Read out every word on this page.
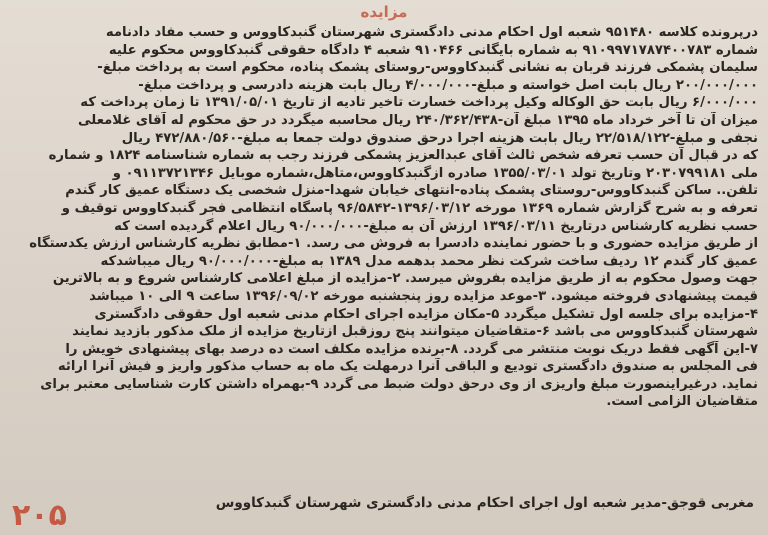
مزایده

درپرونده کلاسه ۹۵۱۴۸۰ شعبه اول احکام مدنی دادگستری شهرستان گنبدکاووس و حسب مفاد دادنامه

شماره ۹۱۰۹۹۷۱۷۸۷۴۰۰۷۸۳ به شماره بایگانی ۹۱۰۴۶۶ شعبه ۴ دادگاه حقوقی گنبدکاووس محکوم علیه

سلیمان پشمکی فرزند قربان به نشانی گنبدکاووس-روستای پشمک پناده، محکوم است به پرداخت مبلغ-

۲۰۰/۰۰۰/۰۰۰ ریال بابت اصل خواسته و مبلغ-۴/۰۰۰/۰۰۰ ریال بابت هزینه دادرسی و پرداخت مبلغ-

۶/۰۰۰/۰۰۰ ریال بابت حق الوکاله وکیل پرداخت خسارت تاخیر تادیه از تاریخ ۱۳۹۱/۰۵/۰۱ تا زمان پرداخت که

میزان آن تا آخر خرداد ماه ۱۳۹۵ مبلغ آن-۲۴۰/۳۶۲/۴۳۸ ریال محاسبه میگردد در حق محکوم له آقای غلامعلی

نجفی و مبلغ-۲۲/۵۱۸/۱۲۲ ریال بابت هزینه اجرا درحق صندوق دولت جمعا به مبلغ-۴۷۲/۸۸۰/۵۶۰ ریال

که در قبال آن حسب تعرفه شخص ثالث آقای عبدالعزیز پشمکی فرزند رجب به شماره شناسنامه ۱۸۲۴ و شماره

ملی ۲۰۳۰۷۹۹۱۸۱ وتاریخ تولد ۱۳۵۵/۰۳/۰۱ صادره ازگنبدکاووس،متاهل،شماره موبایل ۰۹۱۱۳۷۲۱۳۴۶ و

تلفن.. ساکن گنبدکاووس-روستای پشمک پناده-انتهای خیابان شهدا-منزل شخصی یک دستگاه عمیق کار گندم

تعرفه و به شرح گزارش شماره ۱۳۶۹ مورخه ۱۳۹۶/۰۳/۱۲-۹۶/۵۸۴۲ پاسگاه انتظامی فجر گنبدکاووس توقیف و

حسب نظریه کارشناس درتاریخ ۱۳۹۶/۰۳/۱۱ ارزش آن به مبلغ-۹۰/۰۰۰/۰۰۰ ریال اعلام گردیده است که

از طریق مزایده حضوری و با حضور نماینده دادسرا به فروش می رسد. ۱-مطابق نظریه کارشناس ارزش یکدستگاه

عمیق کار گندم ۱۲ ردیف ساخت شرکت نظر محمد بدهمه مدل ۱۳۸۹ به مبلغ-۹۰/۰۰۰/۰۰۰ ریال میباشدکه

جهت وصول محکوم به از طریق مزایده بفروش میرسد. ۲-مزایده از مبلغ اعلامی کارشناس شروع و به بالاترین

قیمت پیشنهادی فروخته میشود. ۳-موعد مزایده روز پنجشنبه مورخه ۱۳۹۶/۰۹/۰۲ ساعت ۹ الی ۱۰ میباشد

۴-مزایده برای جلسه اول تشکیل میگردد ۵-مکان مزایده اجرای احکام مدنی شعبه اول حقوقی دادگستری

شهرستان گنبدکاووس می باشد ۶-متقاضیان میتوانند پنج روزقبل ازتاریخ مزایده از ملک مذکور بازدید نمایند

۷-این آگهی فقط دریک نوبت منتشر می گردد. ۸-برنده مزایده مکلف است ده درصد بهای پیشنهادی خویش را

فی المجلس به صندوق دادگستری تودیع و الباقی آنرا درمهلت یک ماه به حساب مذکور واریز و فیش آنرا ارائه

نماید. درغیراینصورت مبلغ واریزی از وی درحق دولت ضبط می گردد ۹-بهمراه داشتن کارت شناسایی معتبر برای

متقاضیان الزامی است.

مغربی قوجق-مدیر شعبه اول اجرای احکام مدنی دادگستری شهرستان گنبدکاووس
۲۰۵
